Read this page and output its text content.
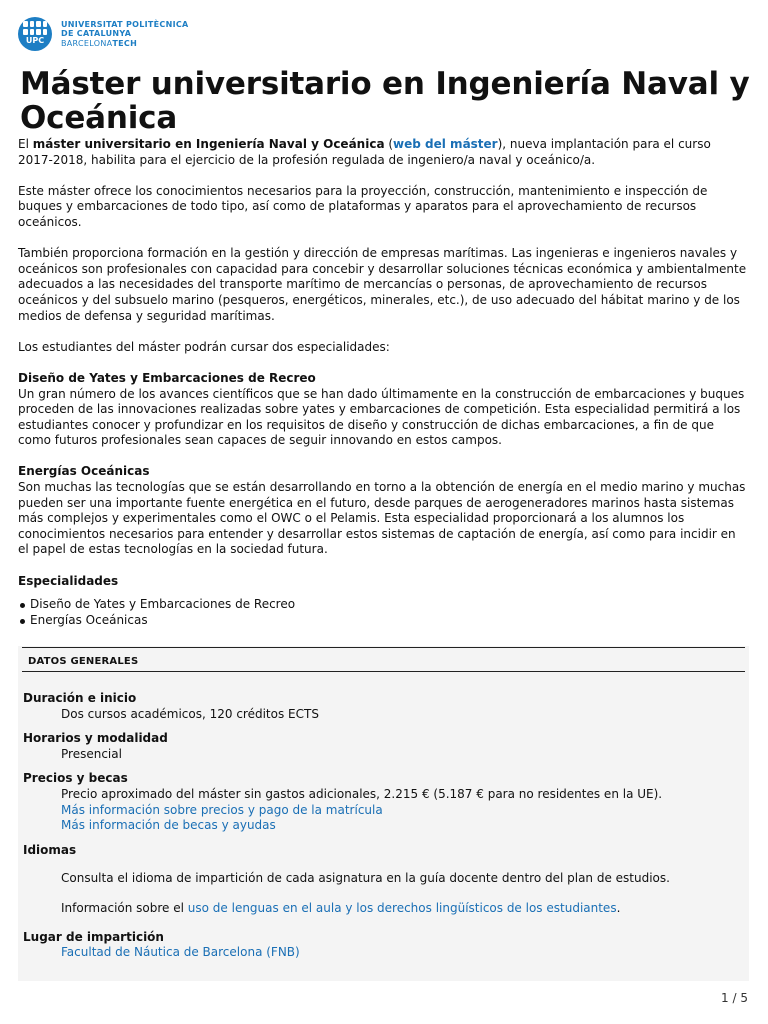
UPC
UNIVERSITAT POLITÈCNICA
DE CATALUNYA
BARCELONATECH
Máster universitario en Ingeniería Naval y Oceánica

El máster universitario en Ingeniería Naval y Oceánica (web del máster), nueva implantación para el curso 2017-2018, habilita para el ejercicio de la profesión regulada de ingeniero/a naval y oceánico/a.

Este máster ofrece los conocimientos necesarios para la proyección, construcción, mantenimiento e inspección de buques y embarcaciones de todo tipo, así como de plataformas y aparatos para el aprovechamiento de recursos oceánicos.

También proporciona formación en la gestión y dirección de empresas marítimas. Las ingenieras e ingenieros navales y oceánicos son profesionales con capacidad para concebir y desarrollar soluciones técnicas económica y ambientalmente adecuados a las necesidades del transporte marítimo de mercancías o personas, de aprovechamiento de recursos oceánicos y del subsuelo marino (pesqueros, energéticos, minerales, etc.), de uso adecuado del hábitat marino y de los medios de defensa y seguridad marítimas.

Los estudiantes del máster podrán cursar dos especialidades:

Diseño de Yates y Embarcaciones de Recreo

Un gran número de los avances científicos que se han dado últimamente en la construcción de embarcaciones y buques proceden de las innovaciones realizadas sobre yates y embarcaciones de competición. Esta especialidad permitirá a los estudiantes conocer y profundizar en los requisitos de diseño y construcción de dichas embarcaciones, a fin de que como futuros profesionales sean capaces de seguir innovando en estos campos.

Energías Oceánicas

Son muchas las tecnologías que se están desarrollando en torno a la obtención de energía en el medio marino y muchas pueden ser una importante fuente energética en el futuro, desde parques de aerogeneradores marinos hasta sistemas más complejos y experimentales como el OWC o el Pelamis. Esta especialidad proporcionará a los alumnos los conocimientos necesarios para entender y desarrollar estos sistemas de captación de energía, así como para incidir en el papel de estas tecnologías en la sociedad futura.

Especialidades
Diseño de Yates y Embarcaciones de Recreo
Energías Oceánicas
DATOS GENERALES
Duración e inicio
Dos cursos académicos, 120 créditos ECTS
Horarios y modalidad
Presencial
Precios y becas
Precio aproximado del máster sin gastos adicionales, 2.215 € (5.187 € para no residentes en la UE).
Más información sobre precios y pago de la matrícula
Más información de becas y ayudas
Idiomas
Consulta el idioma de impartición de cada asignatura en la guía docente dentro del plan de estudios.
Información sobre el uso de lenguas en el aula y los derechos lingüísticos de los estudiantes.
Lugar de impartición
Facultad de Náutica de Barcelona (FNB)
1 / 5
